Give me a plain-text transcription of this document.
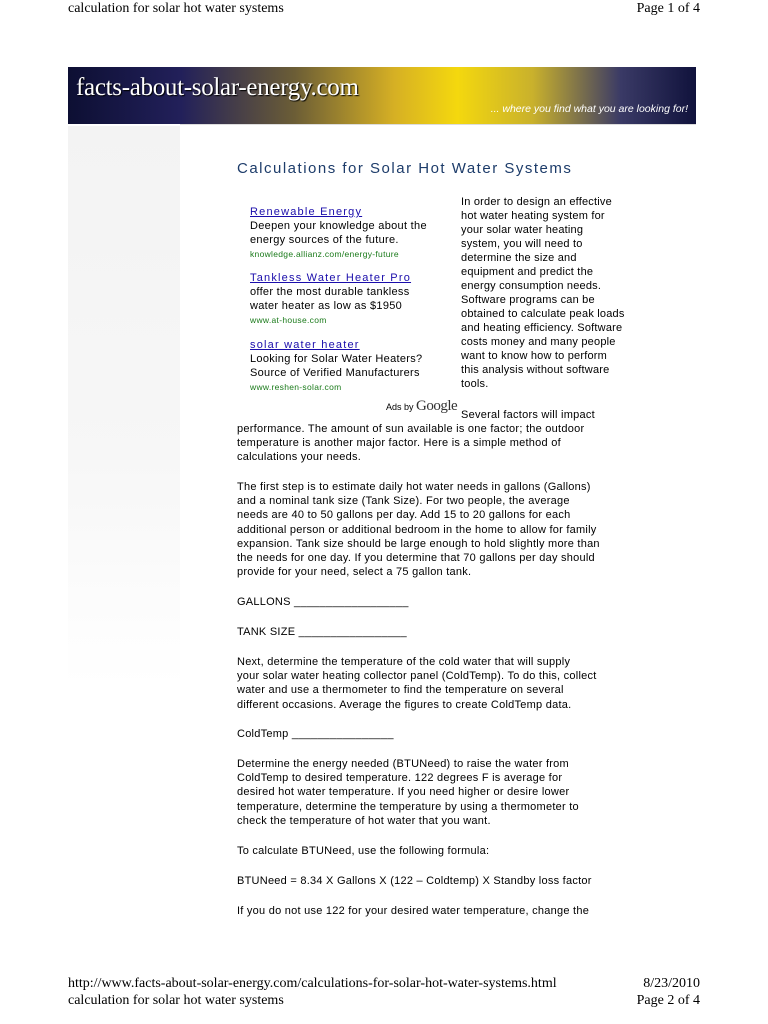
calculation for solar hot water systems	Page 1 of 4
facts-about-solar-energy.com
... where you find what you are looking for!
Calculations for Solar Hot Water Systems
Renewable Energy
Deepen your knowledge about the
energy sources of the future.
knowledge.allianz.com/energy-future
Tankless Water Heater Pro
offer the most durable tankless
water heater as low as $1950
www.at-house.com
solar water heater
Looking for Solar Water Heaters?
Source of Verified Manufacturers
www.reshen-solar.com
Ads by Google
In order to design an effective
hot water heating system for
your solar water heating
system, you will need to
determine the size and
equipment and predict the
energy consumption needs.
Software programs can be
obtained to calculate peak loads
and heating efficiency. Software
costs money and many people
want to know how to perform
this analysis without software
tools.
Several factors will impact
performance. The amount of sun available is one factor; the outdoor
temperature is another major factor. Here is a simple method of
calculations your needs.
The first step is to estimate daily hot water needs in gallons (Gallons)
and a nominal tank size (Tank Size). For two people, the average
needs are 40 to 50 gallons per day. Add 15 to 20 gallons for each
additional person or additional bedroom in the home to allow for family
expansion. Tank size should be large enough to hold slightly more than
the needs for one day. If you determine that 70 gallons per day should
provide for your need, select a 75 gallon tank.
GALLONS __________________
TANK SIZE _________________
Next, determine the temperature of the cold water that will supply
your solar water heating collector panel (ColdTemp). To do this, collect
water and use a thermometer to find the temperature on several
different occasions. Average the figures to create ColdTemp data.
ColdTemp ________________
Determine the energy needed (BTUNeed) to raise the water from
ColdTemp to desired temperature. 122 degrees F is average for
desired hot water temperature. If you need higher or desire lower
temperature, determine the temperature by using a thermometer to
check the temperature of hot water that you want.
To calculate BTUNeed, use the following formula:
BTUNeed = 8.34 X Gallons X (122 – Coldtemp) X Standby loss factor
If you do not use 122 for your desired water temperature, change the
http://www.facts-about-solar-energy.com/calculations-for-solar-hot-water-systems.html	8/23/2010
calculation for solar hot water systems	Page 2 of 4
